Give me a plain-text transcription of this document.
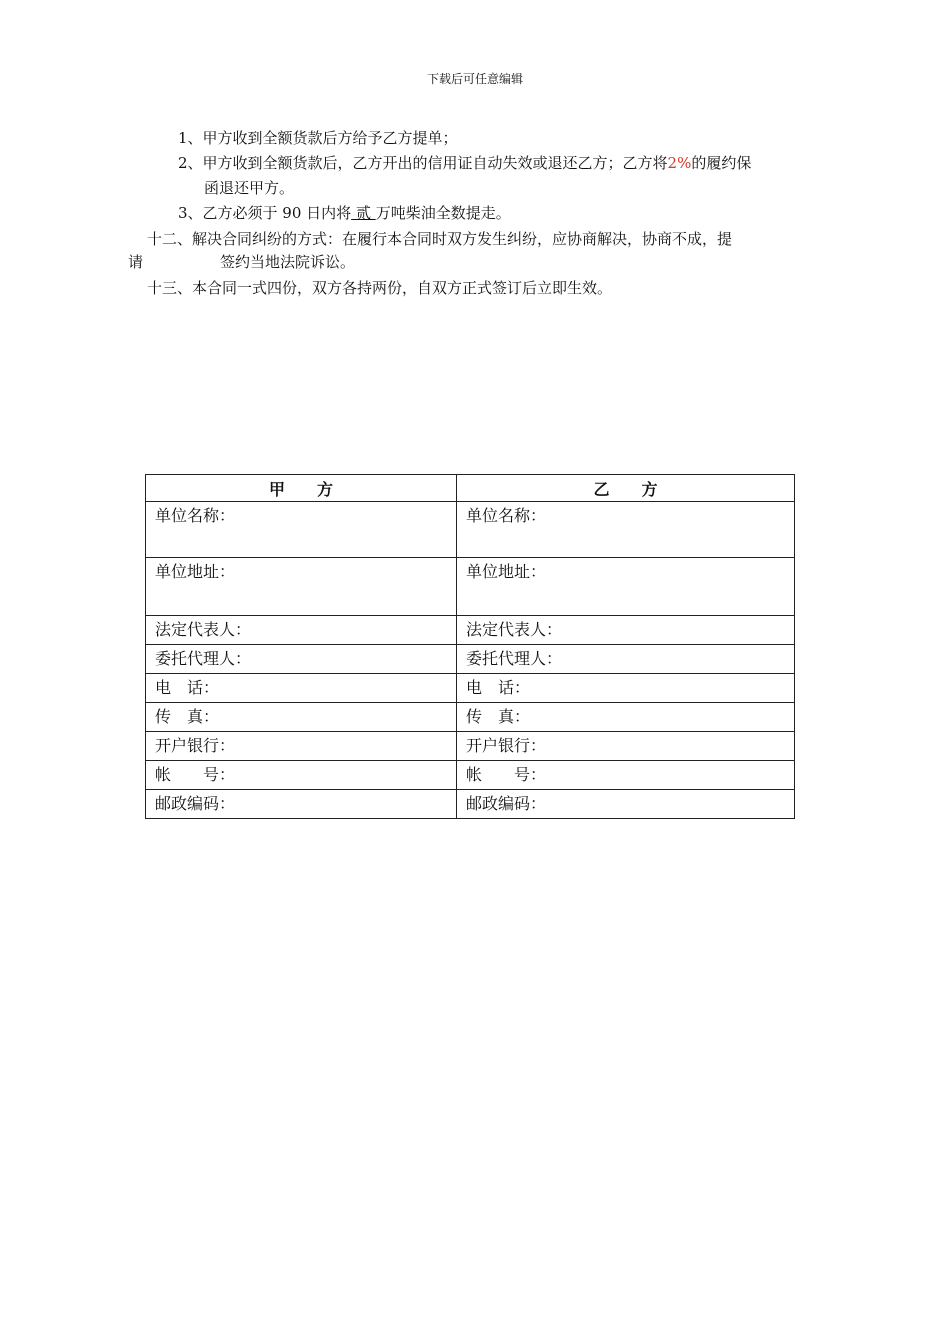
下载后可任意编辑
1、甲方收到全额货款后方给予乙方提单；
2、甲方收到全额货款后，乙方开出的信用证自动失效或退还乙方；乙方将2%的履约保
函退还甲方。
3、乙方必须于 90 日内将 贰 万吨柴油全数提走。
十二、解决合同纠纷的方式：在履行本合同时双方发生纠纷，应协商解决，协商不成，提
请	签约当地法院诉讼。
十三、本合同一式四份，双方各持两份，自双方正式签订后立即生效。
甲　　方	乙　　方
单位名称：	单位名称：
单位地址：	单位地址：
法定代表人：	法定代表人：
委托代理人：	委托代理人：
电　话：	电　话：
传　真：	传　真：
开户银行：	开户银行：
帐　　号：	帐　　号：
邮政编码：	邮政编码：
